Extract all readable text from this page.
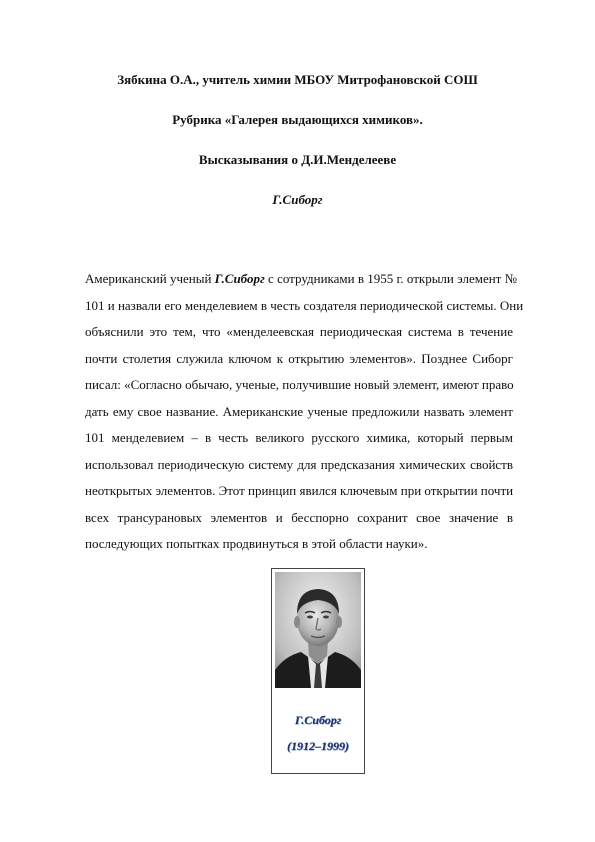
Зябкина О.А., учитель химии МБОУ Митрофановской СОШ
Рубрика «Галерея выдающихся химиков».
Высказывания о Д.И.Менделееве
Г.Сиборг

Американский ученый Г.Сиборг с сотрудниками в 1955 г. открыли элемент №
101 и назвали его менделевием в честь создателя периодической системы. Они
объяснили это тем, что «менделеевская периодическая система в течение
почти столетия служила ключом к открытию элементов». Позднее Сиборг
писал: «Согласно обычаю, ученые, получившие новый элемент, имеют право
дать ему свое название. Американские ученые предложили назвать элемент
101 менделевием – в честь великого русского химика, который первым
использовал периодическую систему для предсказания химических свойств
неоткрытых элементов. Этот принцип явился ключевым при открытии почти
всех трансурановых элементов и бесспорно сохранит свое значение в
последующих попытках продвинуться в этой области науки».

Г.Сиборг
(1912–1999)
